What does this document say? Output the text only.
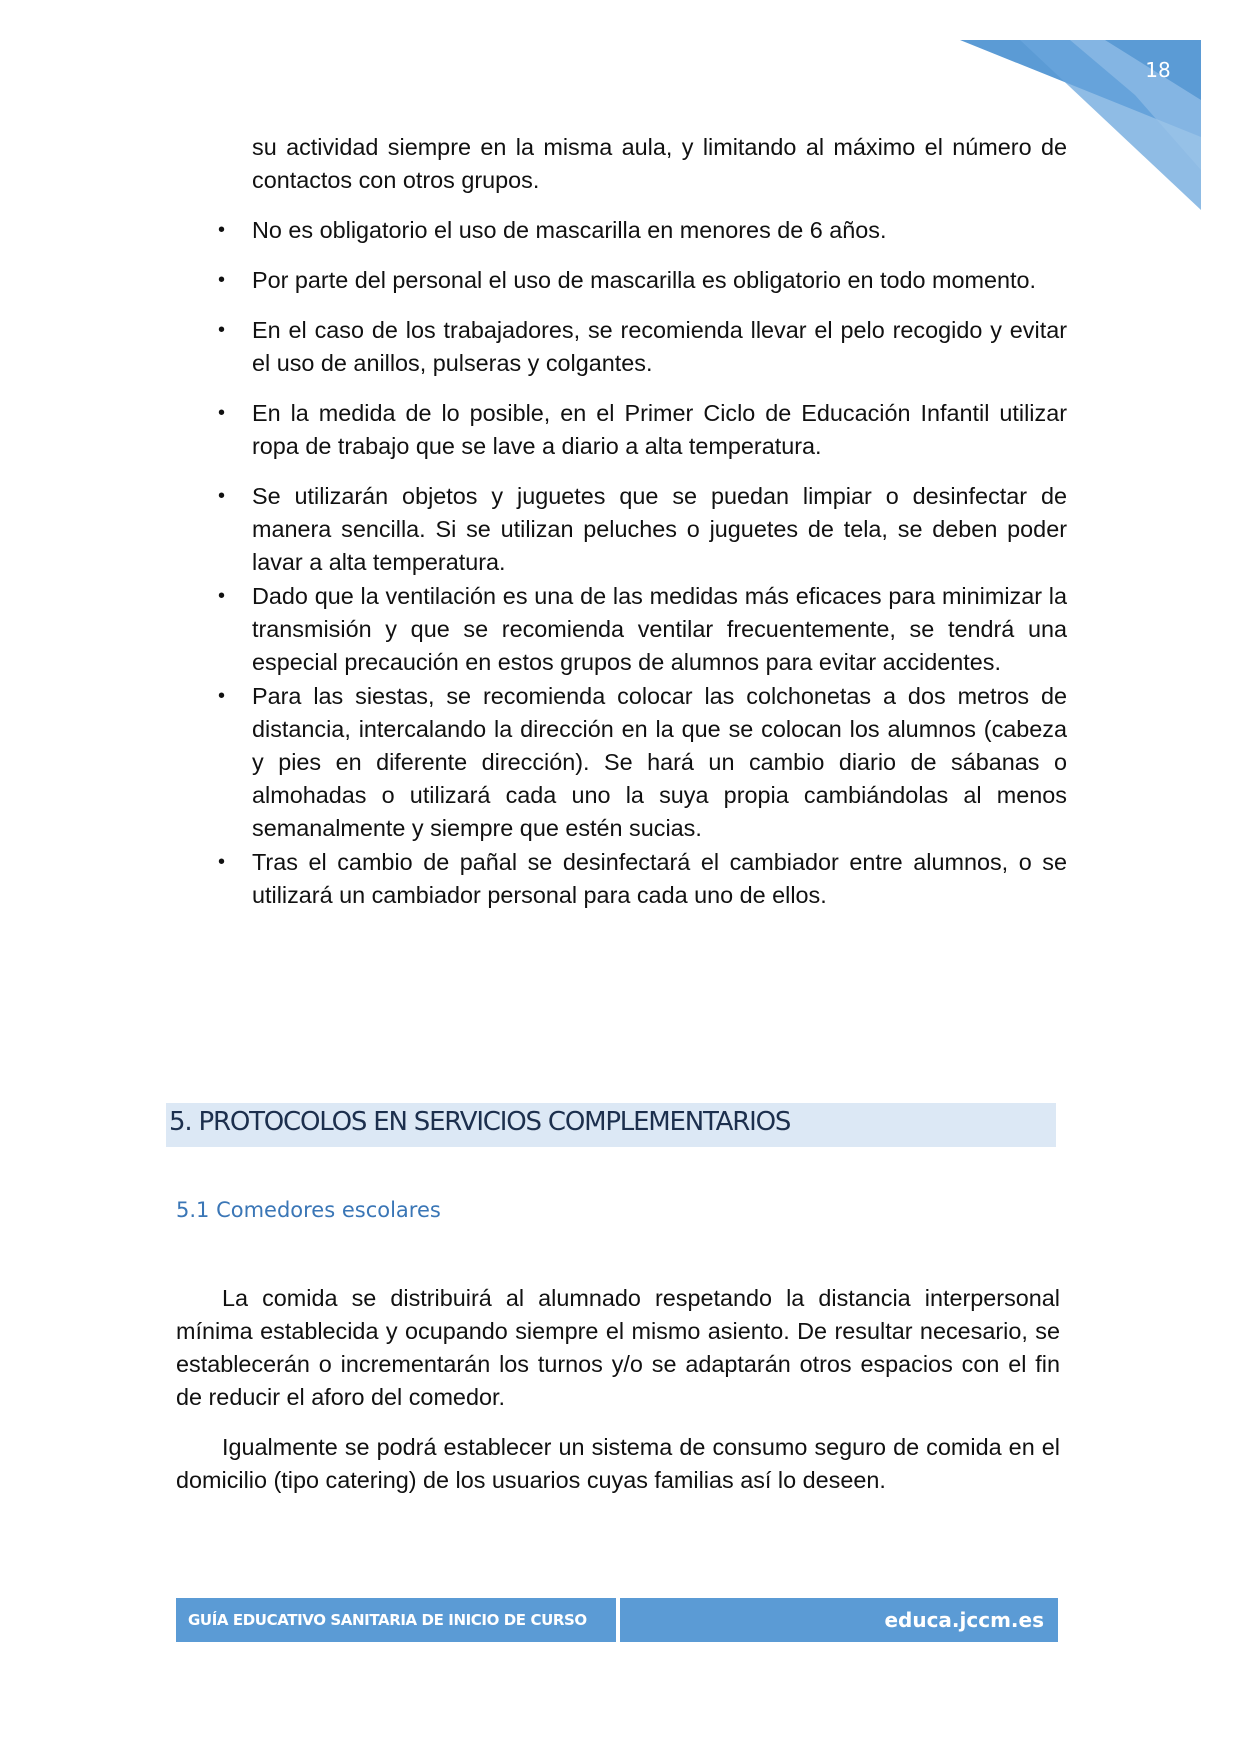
18
su actividad siempre en la misma aula, y limitando al máximo el número de contactos con otros grupos.
• No es obligatorio el uso de mascarilla en menores de 6 años.
• Por parte del personal el uso de mascarilla es obligatorio en todo momento.
• En el caso de los trabajadores, se recomienda llevar el pelo recogido y evitar el uso de anillos, pulseras y colgantes.
• En la medida de lo posible, en el Primer Ciclo de Educación Infantil utilizar ropa de trabajo que se lave a diario a alta temperatura.
• Se utilizarán objetos y juguetes que se puedan limpiar o desinfectar de manera sencilla. Si se utilizan peluches o juguetes de tela, se deben poder lavar a alta temperatura.
• Dado que la ventilación es una de las medidas más eficaces para minimizar la transmisión y que se recomienda ventilar frecuentemente, se tendrá una especial precaución en estos grupos de alumnos para evitar accidentes.
• Para las siestas, se recomienda colocar las colchonetas a dos metros de distancia, intercalando la dirección en la que se colocan los alumnos (cabeza y pies en diferente dirección). Se hará un cambio diario de sábanas o almohadas o utilizará cada uno la suya propia cambiándolas al menos semanalmente y siempre que estén sucias.
• Tras el cambio de pañal se desinfectará el cambiador entre alumnos, o se utilizará un cambiador personal para cada uno de ellos.
5. PROTOCOLOS EN SERVICIOS COMPLEMENTARIOS
5.1 Comedores escolares

La comida se distribuirá al alumnado respetando la distancia interpersonal mínima establecida y ocupando siempre el mismo asiento. De resultar necesario, se establecerán o incrementarán los turnos y/o se adaptarán otros espacios con el fin de reducir el aforo del comedor.

Igualmente se podrá establecer un sistema de consumo seguro de comida en el domicilio (tipo catering) de los usuarios cuyas familias así lo deseen.

GUÍA EDUCATIVO SANITARIA DE INICIO DE CURSO	educa.jccm.es
